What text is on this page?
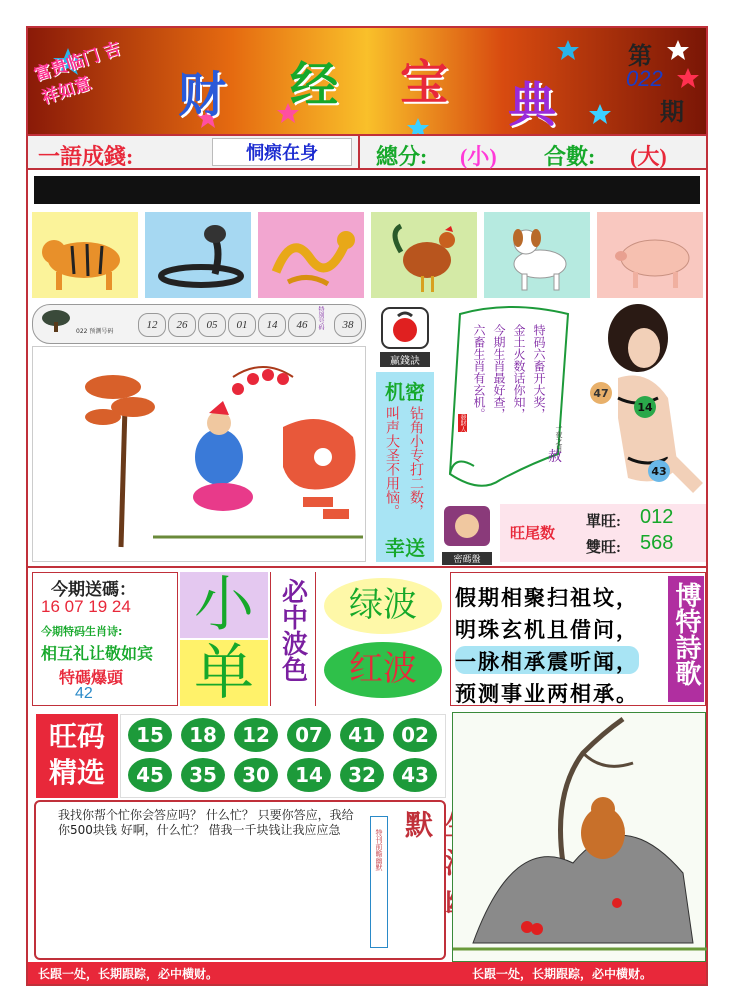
富贵临门 吉祥如意	财 经 宝 典
第
022
期
一語成錢:	恫瘝在身	總分: (小) 合數: (大)
022 预测号码
12	26	05	01	14	46	特别号码	38
赢錢訣
机密
钻角小专打二数，
叫声大圣不用恼。
幸送	密碼盤
特码六畜开大奖，
金土火数话你知，
今期生肖最好查，
六畜生肖有玄机。
一夜之日
發財人
赦
47
14
43
旺尾数
單旺: 012
雙旺: 568
今期送碼：
16 07 19 24
今期特码生肖诗:
相互礼让敬如宾
特碼爆頭
42
小
单 必中波色	绿波
红波
假期相聚扫祖坟，
明珠玄机且借问，
一脉相承震听闻，
预测事业两相承。
博特詩歌
旺码精选
15	18	12	07	41	02
45	35	30	14	32	43
我找你帮个忙你会答应吗？ 什么忙？ 只要你答应，我给你500块钱 好啊，什么忙？ 借我一千块钱让我应应急	特刊前瞻幽默 默
长跟一处，长期跟踪，必中横财。	长跟一处，长期跟踪，必中横财。
